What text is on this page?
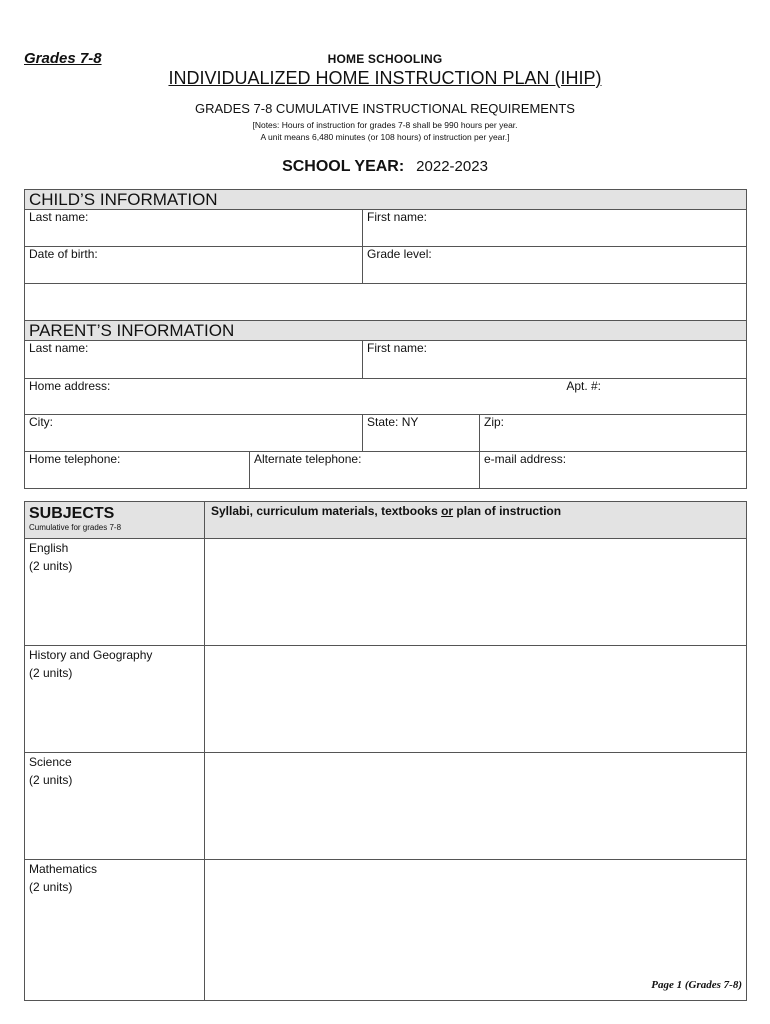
Grades 7-8	HOME SCHOOLING
INDIVIDUALIZED HOME INSTRUCTION PLAN (IHIP)
GRADES 7-8 CUMULATIVE INSTRUCTIONAL REQUIREMENTS
[Notes: Hours of instruction for grades 7-8 shall be 990 hours per year.
A unit means 6,480 minutes (or 108 hours) of instruction per year.]
SCHOOL YEAR: 2022-2023
CHILD’S INFORMATION			
Last name:		First name:	
Date of birth:		Grade level:	

PARENT’S INFORMATION			
Last name:		First name:	
Home address: Apt. #:			

City:		State: NY	Zip:
Home telephone:	Alternate telephone:		e-mail address:
SUBJECTS
Cumulative for grades 7-8	Syllabi, curriculum materials, textbooks or plan of instruction

English
(2 units)	

History and Geography
(2 units)	

Science
(2 units)	

Mathematics
(2 units)	

Page 1 (Grades 7-8)
